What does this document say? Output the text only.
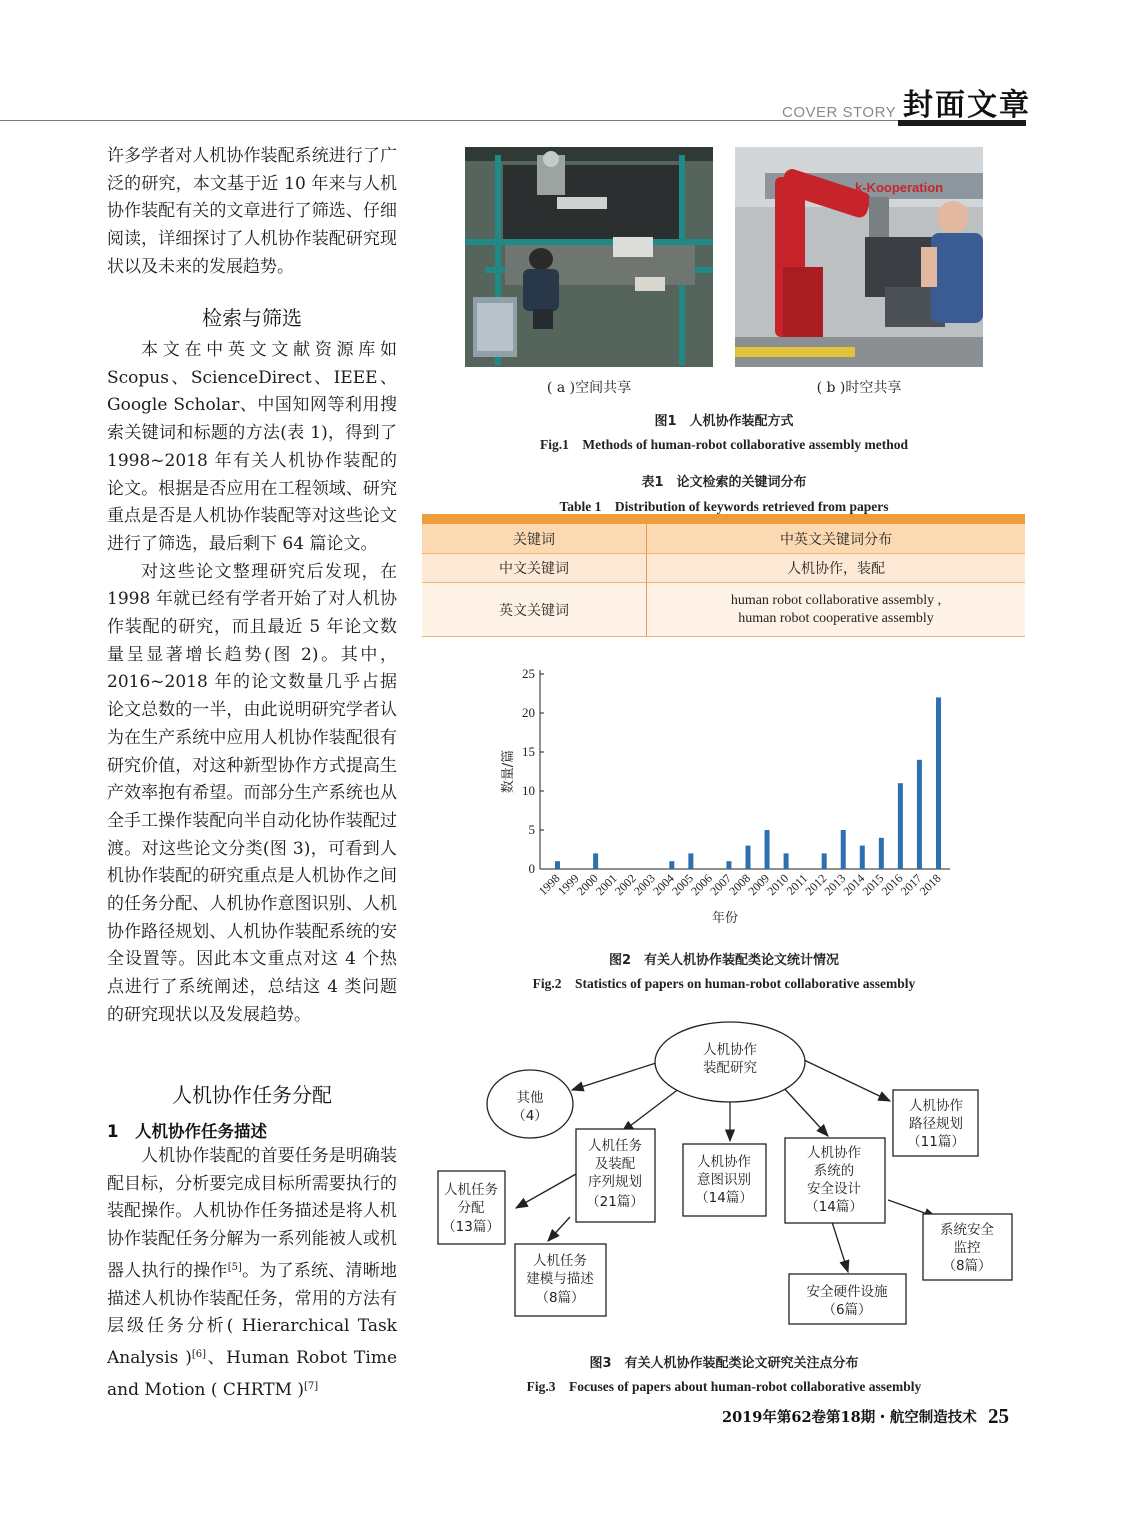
COVER STORY 封面文章

许多学者对人机协作装配系统进行了广泛的研究，本文基于近 10 年来与人机协作装配有关的文章进行了筛选、仔细阅读，详细探讨了人机协作装配研究现状以及未来的发展趋势。

检索与筛选

本文在中英文文献资源库如Scopus、ScienceDirect、IEEE、Google Scholar、中国知网等利用搜索关键词和标题的方法(表 1)，得到了1998~2018 年有关人机协作装配的论文。根据是否应用在工程领域、研究重点是否是人机协作装配等对这些论文进行了筛选，最后剩下 64 篇论文。

对这些论文整理研究后发现，在1998 年就已经有学者开始了对人机协作装配的研究，而且最近 5 年论文数量呈显著增长趋势(图 2)。其中，2016~2018 年的论文数量几乎占据论文总数的一半，由此说明研究学者认为在生产系统中应用人机协作装配很有研究价值，对这种新型协作方式提高生产效率抱有希望。而部分生产系统也从全手工操作装配向半自动化协作装配过渡。对这些论文分类(图 3)，可看到人机协作装配的研究重点是人机协作之间的任务分配、人机协作意图识别、人机协作路径规划、人机协作装配系统的安全设置等。因此本文重点对这 4 个热点进行了系统阐述，总结这 4 类问题的研究现状以及发展趋势。

人机协作任务分配
1　人机协作任务描述

人机协作装配的首要任务是明确装配目标，分析要完成目标所需要执行的装配操作。人机协作任务描述是将人机协作装配任务分解为一系列能被人或机器人执行的操作[5]。为了系统、清晰地描述人机协作装配任务，常用的方法有层级任务分析( Hierarchical Task Analysis )[6]、Human Robot Time and Motion ( CHRTM )[7]

k-Kooperation
( a )空间共享	( b )时空共享
图1　人机协作装配方式
Fig.1　Methods of human-robot collaborative assembly method
表1　论文检索的关键词分布
Table 1　Distribution of keywords retrieved from papers
关键词	中英文关键词分布
中文关键词	人机协作，装配
英文关键词	human robot collaborative assembly ,
human robot cooperative assembly
0
5
10
15
20
25
1998
1999
2000
2001
2002
2003
2004
2005
2006
2007
2008
2009
2010
2011
2012
2013
2014
2015
2016
2017
2018
年份
数量/篇
图2　有关人机协作装配类论文统计情况
Fig.2　Statistics of papers on human-robot collaborative assembly
人机协作
装配研究
其他
（4）
人机任务
及装配
序列规划
（21篇）
人机协作
意图识别
（14篇）
人机协作
系统的
安全设计
（14篇）
人机协作
路径规划
（11篇）
人机任务
分配
（13篇）
人机任务
建模与描述
（8篇）	安全硬件设施
（6篇）
系统安全
监控
（8篇）
图3　有关人机协作装配类论文研究关注点分布
Fig.3　Focuses of papers about human-robot collaborative assembly
2019年第62卷第18期・航空制造技术 25
